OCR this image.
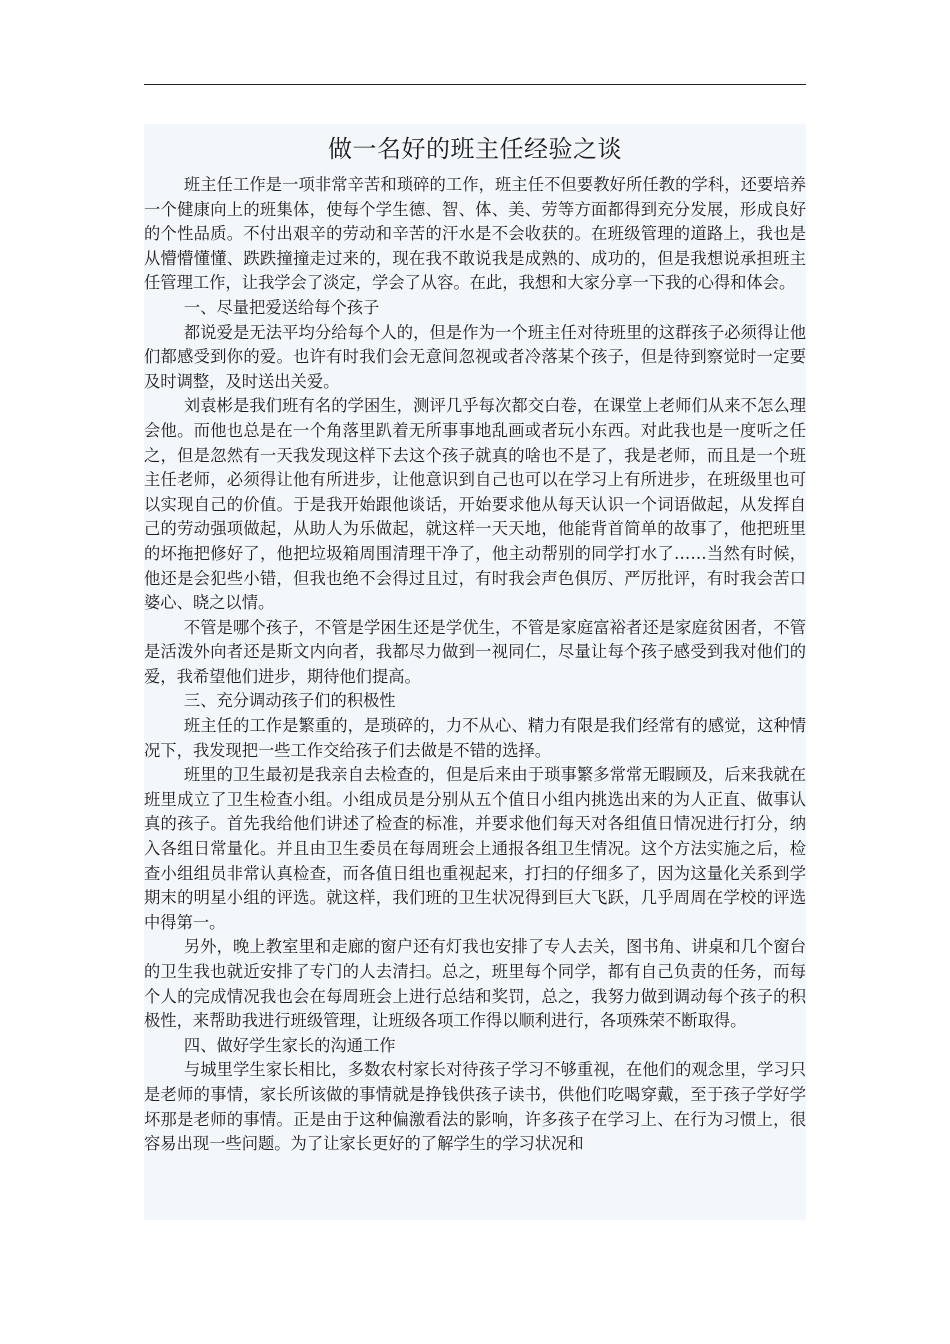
做一名好的班主任经验之谈

班主任工作是一项非常辛苦和琐碎的工作，班主任不但要教好所任教的学科，还要培养一个健康向上的班集体，使每个学生德、智、体、美、劳等方面都得到充分发展，形成良好的个性品质。不付出艰辛的劳动和辛苦的汗水是不会收获的。在班级管理的道路上，我也是从懵懵懂懂、跌跌撞撞走过来的，现在我不敢说我是成熟的、成功的，但是我想说承担班主任管理工作，让我学会了淡定，学会了从容。在此，我想和大家分享一下我的心得和体会。

一、尽量把爱送给每个孩子

都说爱是无法平均分给每个人的，但是作为一个班主任对待班里的这群孩子必须得让他们都感受到你的爱。也许有时我们会无意间忽视或者冷落某个孩子，但是待到察觉时一定要及时调整，及时送出关爱。

刘袁彬是我们班有名的学困生，测评几乎每次都交白卷，在课堂上老师们从来不怎么理会他。而他也总是在一个角落里趴着无所事事地乱画或者玩小东西。对此我也是一度听之任之，但是忽然有一天我发现这样下去这个孩子就真的啥也不是了，我是老师，而且是一个班主任老师，必须得让他有所进步，让他意识到自己也可以在学习上有所进步，在班级里也可以实现自己的价值。于是我开始跟他谈话，开始要求他从每天认识一个词语做起，从发挥自己的劳动强项做起，从助人为乐做起，就这样一天天地，他能背首简单的故事了，他把班里的坏拖把修好了，他把垃圾箱周围清理干净了，他主动帮别的同学打水了……当然有时候，他还是会犯些小错，但我也绝不会得过且过，有时我会声色俱厉、严厉批评，有时我会苦口婆心、晓之以情。

不管是哪个孩子，不管是学困生还是学优生，不管是家庭富裕者还是家庭贫困者，不管是活泼外向者还是斯文内向者，我都尽力做到一视同仁，尽量让每个孩子感受到我对他们的爱，我希望他们进步，期待他们提高。

三、充分调动孩子们的积极性

班主任的工作是繁重的，是琐碎的，力不从心、精力有限是我们经常有的感觉，这种情况下，我发现把一些工作交给孩子们去做是不错的选择。

班里的卫生最初是我亲自去检查的，但是后来由于琐事繁多常常无暇顾及，后来我就在班里成立了卫生检查小组。小组成员是分别从五个值日小组内挑选出来的为人正直、做事认真的孩子。首先我给他们讲述了检查的标准，并要求他们每天对各组值日情况进行打分，纳入各组日常量化。并且由卫生委员在每周班会上通报各组卫生情况。这个方法实施之后，检查小组组员非常认真检查，而各值日组也重视起来，打扫的仔细多了，因为这量化关系到学期末的明星小组的评选。就这样，我们班的卫生状况得到巨大飞跃，几乎周周在学校的评选中得第一。

另外，晚上教室里和走廊的窗户还有灯我也安排了专人去关，图书角、讲桌和几个窗台的卫生我也就近安排了专门的人去清扫。总之，班里每个同学，都有自己负责的任务，而每个人的完成情况我也会在每周班会上进行总结和奖罚，总之，我努力做到调动每个孩子的积极性，来帮助我进行班级管理，让班级各项工作得以顺利进行，各项殊荣不断取得。

四、做好学生家长的沟通工作

与城里学生家长相比，多数农村家长对待孩子学习不够重视，在他们的观念里，学习只是老师的事情，家长所该做的事情就是挣钱供孩子读书，供他们吃喝穿戴，至于孩子学好学坏那是老师的事情。正是由于这种偏激看法的影响，许多孩子在学习上、在行为习惯上，很容易出现一些问题。为了让家长更好的了解学生的学习状况和
